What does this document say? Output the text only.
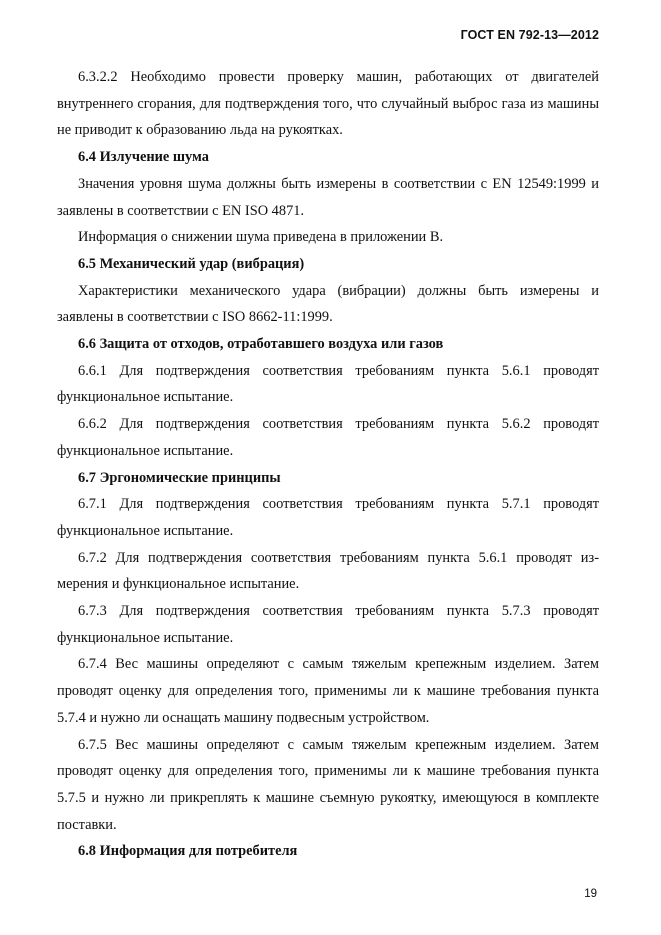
ГОСТ EN 792-13—2012

6.3.2.2 Необходимо провести проверку машин, работающих от двигателей внутреннего сгорания, для подтверждения того, что случайный выброс газа из машины не приводит к образованию льда на рукоятках.

6.4 Излучение шума

Значения уровня шума должны быть измерены в соответствии с EN 12549:1999 и заявлены в соответствии с EN ISO 4871.

Информация о снижении шума приведена в приложении В.

6.5 Механический удар (вибрация)

Характеристики механического удара (вибрации) должны быть измерены и заявлены в соответствии с ISO 8662-11:1999.

6.6 Защита от отходов, отработавшего воздуха или газов

6.6.1 Для подтверждения соответствия требованиям пункта 5.6.1 проводят функциональное испытание.

6.6.2 Для подтверждения соответствия требованиям пункта 5.6.2 проводят функциональное испытание.

6.7 Эргономические принципы

6.7.1 Для подтверждения соответствия требованиям пункта 5.7.1 проводят функциональное испытание.

6.7.2 Для подтверждения соответствия требованиям пункта 5.6.1 проводят из-мерения и функциональное испытание.

6.7.3 Для подтверждения соответствия требованиям пункта 5.7.3 проводят функциональное испытание.

6.7.4 Вес машины определяют с самым тяжелым крепежным изделием. Затем проводят оценку для определения того, применимы ли к машине требования пункта 5.7.4 и нужно ли оснащать машину подвесным устройством.

6.7.5 Вес машины определяют с самым тяжелым крепежным изделием. Затем проводят оценку для определения того, применимы ли к машине требования пункта 5.7.5 и нужно ли прикреплять к машине съемную рукоятку, имеющуюся в комплекте поставки.

6.8 Информация для потребителя

19
